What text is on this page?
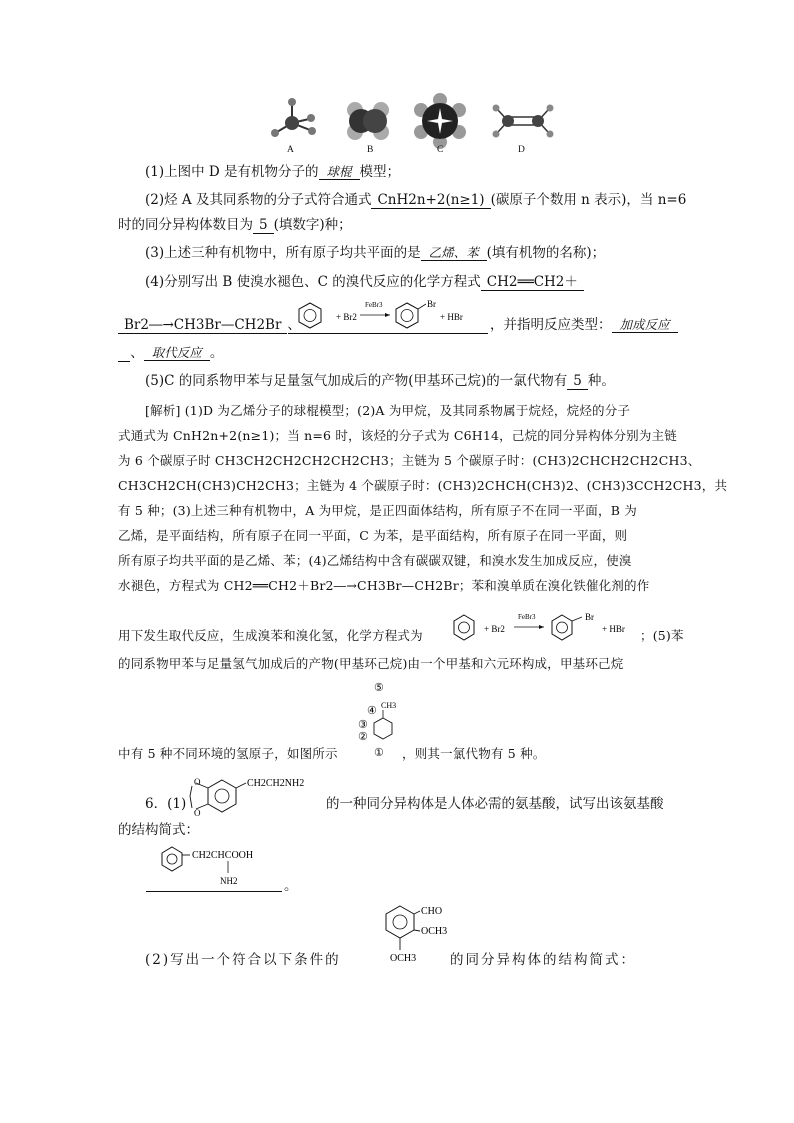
A	B	C	D
(1)上图中 D 是有机物分子的 球棍 模型；
(2)烃 A 及其同系物的分子式符合通式 CnH2n+2(n≥1) (碳原子个数用 n 表示)，当 n=6
时的同分异构体数目为 5 (填数字)种；
(3)上述三种有机物中，所有原子均共平面的是 乙烯、苯 (填有机物的名称)；
(4)分别写出 B 使溴水褪色、C 的溴代反应的化学方程式 CH2══CH2＋
Br2―→CH3Br—CH2Br 、	+ Br2
FeBr3	Br
+ HBr ，并指明反应类型： 加成反应
、 取代反应 。
(5)C 的同系物甲苯与足量氢气加成后的产物(甲基环己烷)的一氯代物有 5 种。
[解析] (1)D 为乙烯分子的球棍模型；(2)A 为甲烷，及其同系物属于烷烃，烷烃的分子
式通式为 CnH2n+2(n≥1)；当 n=6 时，该烃的分子式为 C6H14，己烷的同分异构体分别为主链
为 6 个碳原子时 CH3CH2CH2CH2CH2CH3；主链为 5 个碳原子时：(CH3)2CHCH2CH2CH3、
CH3CH2CH(CH3)CH2CH3；主链为 4 个碳原子时：(CH3)2CHCH(CH3)2、(CH3)3CCH2CH3，共
有 5 种；(3)上述三种有机物中，A 为甲烷，是正四面体结构，所有原子不在同一平面，B 为
乙烯，是平面结构，所有原子在同一平面，C 为苯，是平面结构，所有原子在同一平面，则
所有原子均共平面的是乙烯、苯；(4)乙烯结构中含有碳碳双键，和溴水发生加成反应，使溴
水褪色，方程式为 CH2══CH2＋Br2―→CH3Br—CH2Br；苯和溴单质在溴化铁催化剂的作
用下发生取代反应，生成溴苯和溴化氢，化学方程式为	+ Br2
FeBr3	Br
+ HBr ；(5)苯
的同系物甲苯与足量氢气加成后的产物(甲基环己烷)由一个甲基和六元环构成，甲基环己烷
⑤
④ CH3
③
②
①
中有 5 种不同环境的氢原子，如图所示	，则其一氯代物有 5 种。
6．(1)
O
O
CH2CH2NH2
的一种同分异构体是人体必需的氨基酸，试写出该氨基酸
的结构简式：
CH2CHCOOH
NH2	。
CHO
OCH3
OCH3
(2)写出一个符合以下条件的	的同分异构体的结构简式：
